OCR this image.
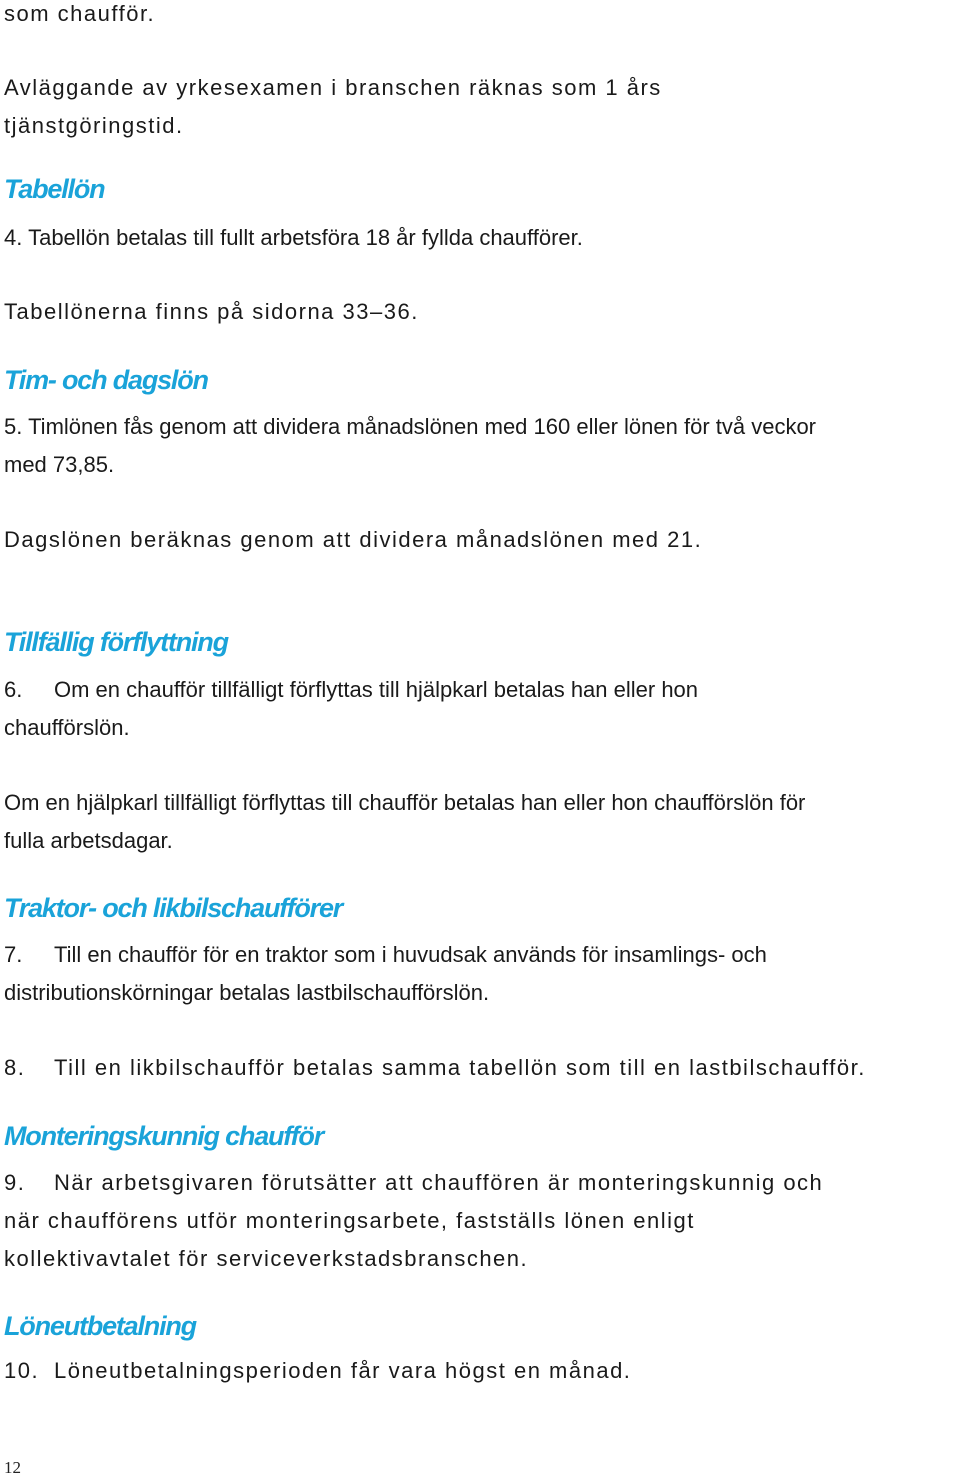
som chaufför.
Avläggande av yrkesexamen i branschen räknas som 1 års
tjänstgöringstid.
Tabellön
4. Tabellön betalas till fullt arbetsföra 18 år fyllda chaufförer.
Tabellönerna finns på sidorna 33–36.
Tim- och dagslön
5. Timlönen fås genom att dividera månadslönen med 160 eller lönen för två veckor
med 73,85.
Dagslönen beräknas genom att dividera månadslönen med 21.
Tillfällig förflyttning
6. Om en chaufför tillfälligt förflyttas till hjälpkarl betalas han eller hon
chaufförslön.
Om en hjälpkarl tillfälligt förflyttas till chaufför betalas han eller hon chaufförslön för
fulla arbetsdagar.
Traktor- och likbilschaufförer
7. Till en chaufför för en traktor som i huvudsak används för insamlings- och
distributionskörningar betalas lastbilschaufförslön.
8. Till en likbilschaufför betalas samma tabellön som till en lastbilschaufför.
Monteringskunnig chaufför
9. När arbetsgivaren förutsätter att chauffören är monteringskunnig och
när chaufförens utför monteringsarbete, fastställs lönen enligt
kollektivavtalet för serviceverkstadsbranschen.
Löneutbetalning
10. Löneutbetalningsperioden får vara högst en månad.
12
